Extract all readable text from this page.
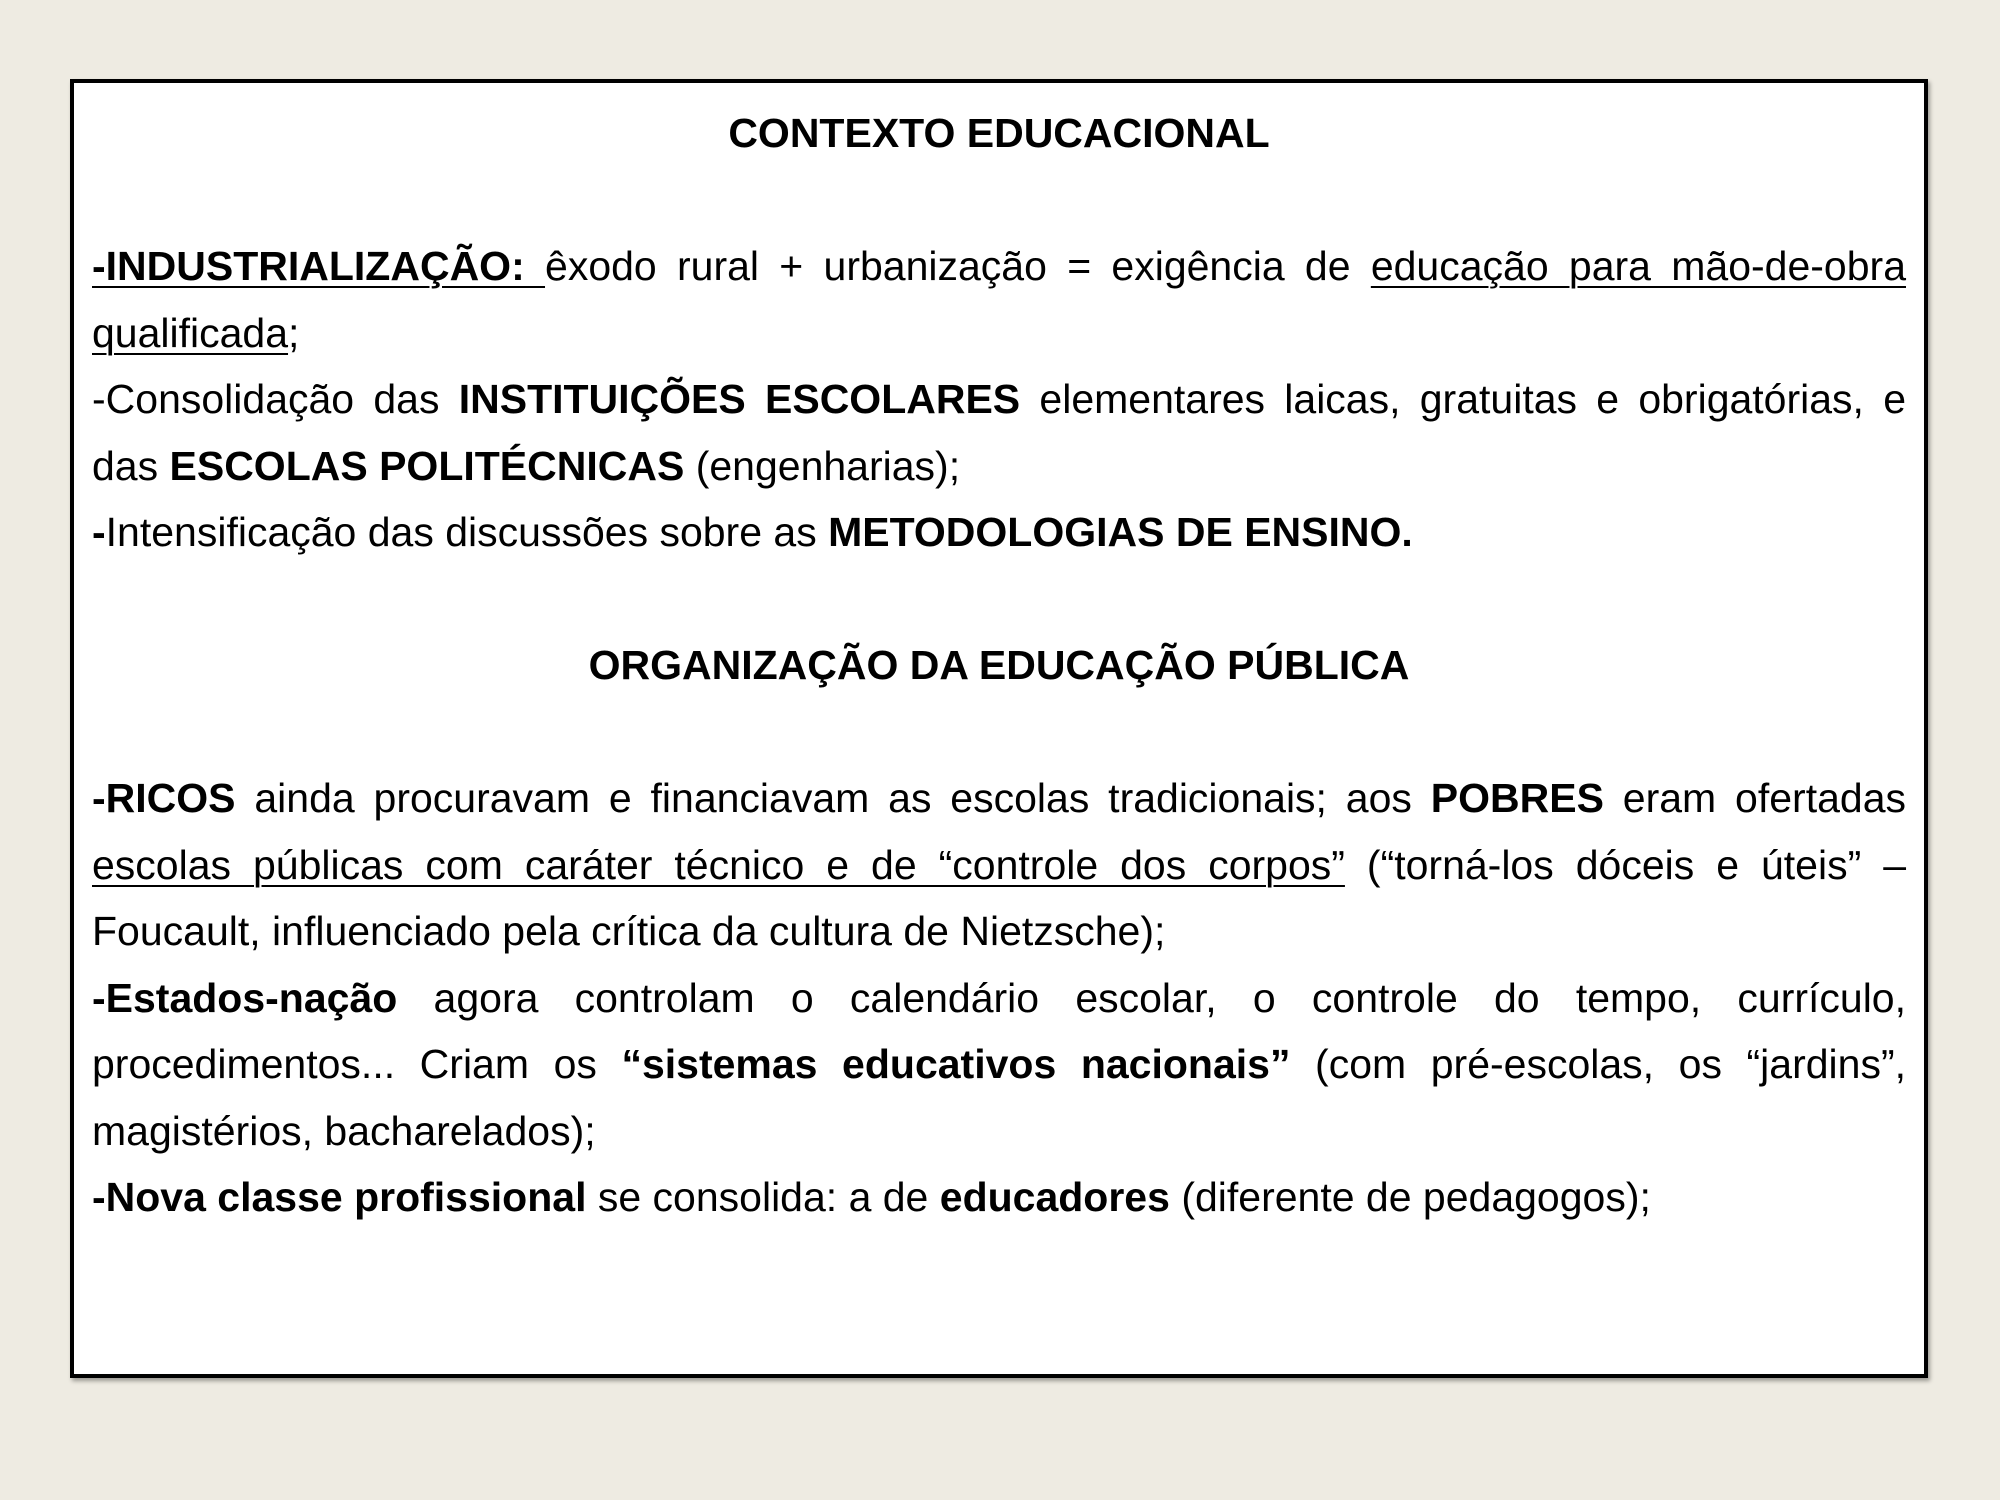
CONTEXTO EDUCACIONAL

-INDUSTRIALIZAÇÃO: êxodo rural + urbanização = exigência de educação para mão-de-obra qualificada;

-Consolidação das INSTITUIÇÕES ESCOLARES elementares laicas, gratuitas e obrigatórias, e das ESCOLAS POLITÉCNICAS (engenharias);

-Intensificação das discussões sobre as METODOLOGIAS DE ENSINO.

ORGANIZAÇÃO DA EDUCAÇÃO PÚBLICA

-RICOS ainda procuravam e financiavam as escolas tradicionais; aos POBRES eram ofertadas escolas públicas com caráter técnico e de “controle dos corpos” (“torná-los dóceis e úteis” – Foucault, influenciado pela crítica da cultura de Nietzsche);

-Estados-nação agora controlam o calendário escolar, o controle do tempo, currículo, procedimentos... Criam os “sistemas educativos nacionais” (com pré-escolas, os “jardins”, magistérios, bacharelados);

-Nova classe profissional se consolida: a de educadores (diferente de pedagogos);
